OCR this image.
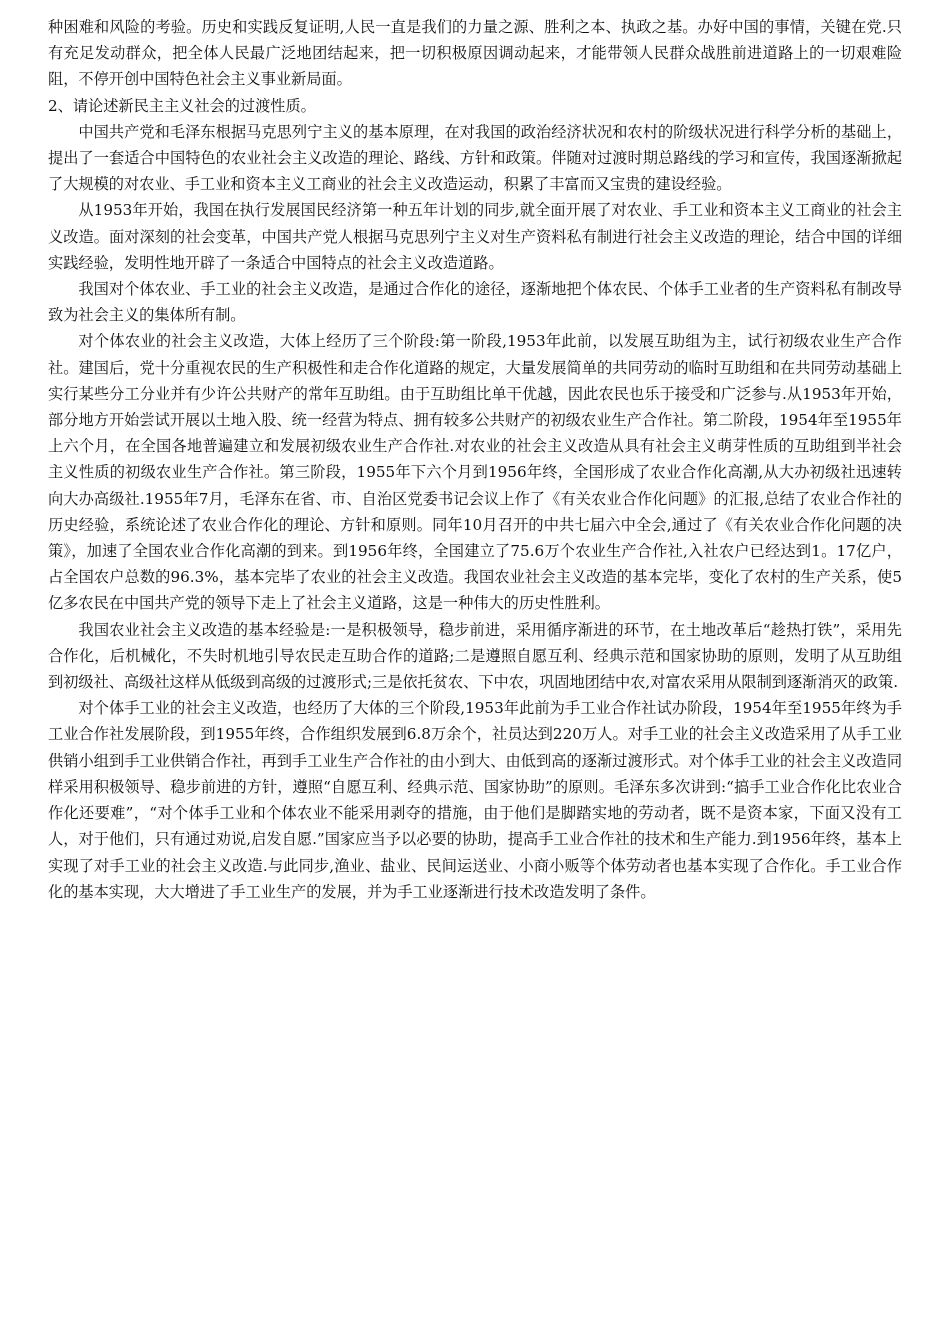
种困难和风险的考验。历史和实践反复证明,人民一直是我们的力量之源、胜利之本、执政之基。办好中国的事情，关键在党.只有充足发动群众，把全体人民最广泛地团结起来，把一切积极原因调动起来，才能带领人民群众战胜前进道路上的一切艰难险阻，不停开创中国特色社会主义事业新局面。

2、请论述新民主主义社会的过渡性质。

中国共产党和毛泽东根据马克思列宁主义的基本原理，在对我国的政治经济状况和农村的阶级状况进行科学分析的基础上，提出了一套适合中国特色的农业社会主义改造的理论、路线、方针和政策。伴随对过渡时期总路线的学习和宣传，我国逐渐掀起了大规模的对农业、手工业和资本主义工商业的社会主义改造运动，积累了丰富而又宝贵的建设经验。

从1953年开始，我国在执行发展国民经济第一种五年计划的同步,就全面开展了对农业、手工业和资本主义工商业的社会主义改造。面对深刻的社会变革，中国共产党人根据马克思列宁主义对生产资料私有制进行社会主义改造的理论，结合中国的详细实践经验，发明性地开辟了一条适合中国特点的社会主义改造道路。

我国对个体农业、手工业的社会主义改造，是通过合作化的途径，逐渐地把个体农民、个体手工业者的生产资料私有制改导致为社会主义的集体所有制。

对个体农业的社会主义改造，大体上经历了三个阶段:第一阶段,1953年此前，以发展互助组为主，试行初级农业生产合作社。建国后，党十分重视农民的生产积极性和走合作化道路的规定，大量发展简单的共同劳动的临时互助组和在共同劳动基础上实行某些分工分业并有少许公共财产的常年互助组。由于互助组比单干优越，因此农民也乐于接受和广泛参与.从1953年开始，部分地方开始尝试开展以土地入股、统一经营为特点、拥有较多公共财产的初级农业生产合作社。第二阶段，1954年至1955年上六个月，在全国各地普遍建立和发展初级农业生产合作社.对农业的社会主义改造从具有社会主义萌芽性质的互助组到半社会主义性质的初级农业生产合作社。第三阶段，1955年下六个月到1956年终，全国形成了农业合作化高潮,从大办初级社迅速转向大办高级社.1955年7月，毛泽东在省、市、自治区党委书记会议上作了《有关农业合作化问题》的汇报,总结了农业合作社的历史经验，系统论述了农业合作化的理论、方针和原则。同年10月召开的中共七届六中全会,通过了《有关农业合作化问题的决策》，加速了全国农业合作化高潮的到来。到1956年终，全国建立了75.6万个农业生产合作社,入社农户已经达到1。17亿户，占全国农户总数的96.3%，基本完毕了农业的社会主义改造。我国农业社会主义改造的基本完毕，变化了农村的生产关系，使5亿多农民在中国共产党的领导下走上了社会主义道路，这是一种伟大的历史性胜利。

我国农业社会主义改造的基本经验是:一是积极领导，稳步前进，采用循序渐进的环节，在土地改革后“趁热打铁”，采用先合作化，后机械化，不失时机地引导农民走互助合作的道路;二是遵照自愿互利、经典示范和国家协助的原则，发明了从互助组到初级社、高级社这样从低级到高级的过渡形式;三是依托贫农、下中农，巩固地团结中农,对富农采用从限制到逐渐消灭的政策.

对个体手工业的社会主义改造，也经历了大体的三个阶段,1953年此前为手工业合作社试办阶段，1954年至1955年终为手工业合作社发展阶段，到1955年终，合作组织发展到6.8万余个，社员达到220万人。对手工业的社会主义改造采用了从手工业供销小组到手工业供销合作社，再到手工业生产合作社的由小到大、由低到高的逐渐过渡形式。对个体手工业的社会主义改造同样采用积极领导、稳步前进的方针，遵照“自愿互利、经典示范、国家协助”的原则。毛泽东多次讲到:“搞手工业合作化比农业合作化还要难”，“对个体手工业和个体农业不能采用剥夺的措施，由于他们是脚踏实地的劳动者，既不是资本家，下面又没有工人，对于他们，只有通过劝说,启发自愿.”国家应当予以必要的协助，提高手工业合作社的技术和生产能力.到1956年终，基本上实现了对手工业的社会主义改造.与此同步,渔业、盐业、民间运送业、小商小贩等个体劳动者也基本实现了合作化。手工业合作化的基本实现，大大增进了手工业生产的发展，并为手工业逐渐进行技术改造发明了条件。
